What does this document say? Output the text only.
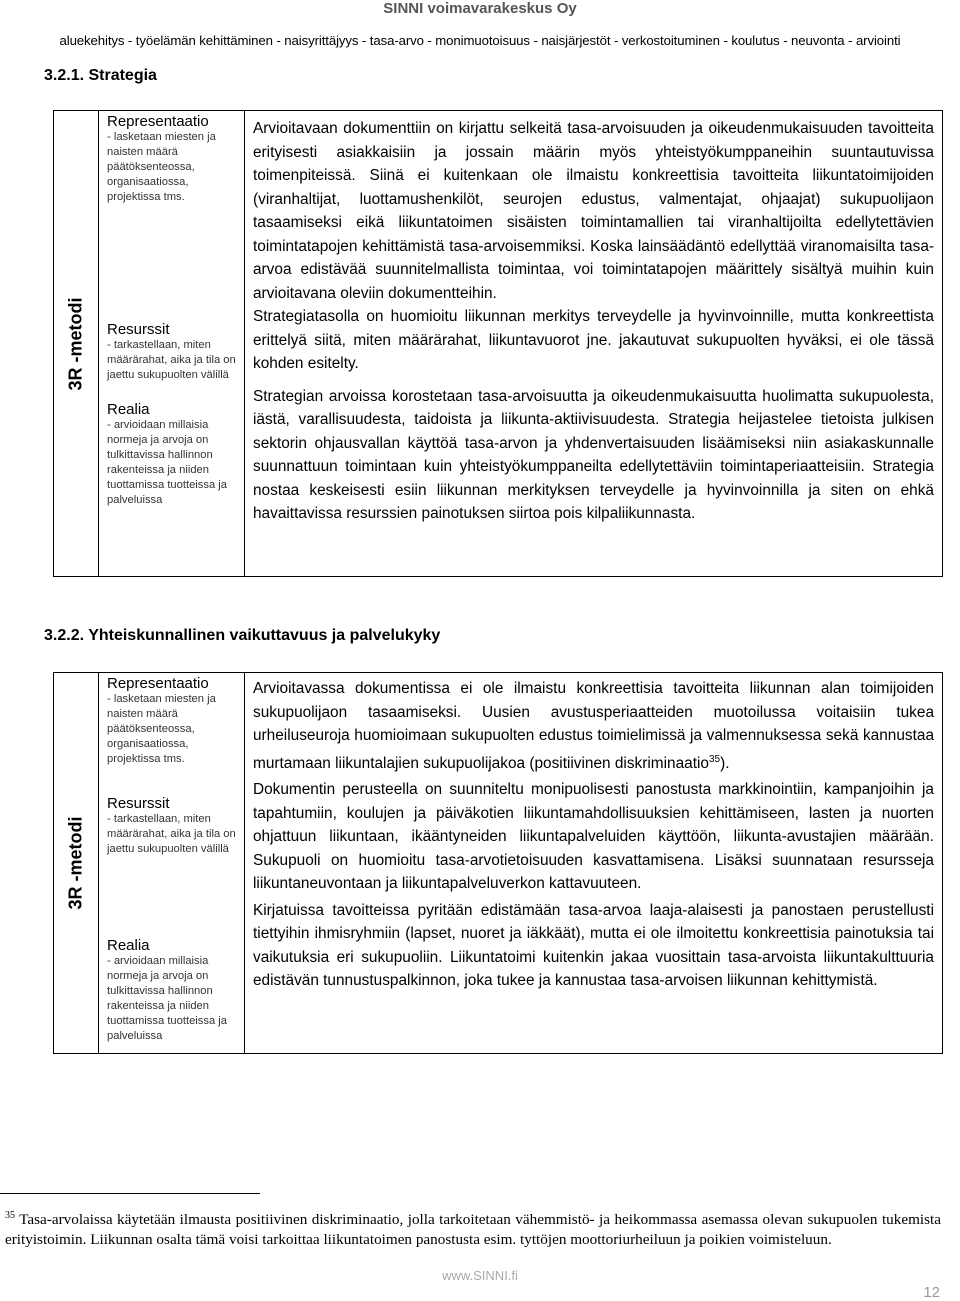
SINNI voimavarakeskus Oy
aluekehitys - työelämän kehittäminen - naisyrittäjyys - tasa-arvo - monimuotoisuus - naisjärjestöt - verkostoituminen - koulutus - neuvonta - arviointi
3.2.1. Strategia
3R -metodi

Representaatio
- lasketaan miesten ja naisten määrä päätöksenteossa, organisaatiossa, projektissa tms.
Resurssit
- tarkastellaan, miten määrärahat, aika ja tila on jaettu sukupuolten välillä
Realia
- arvioidaan millaisia normeja ja arvoja on tulkittavissa hallinnon rakenteissa ja niiden tuottamissa tuotteissa ja palveluissa

Arvioitavaan dokumenttiin on kirjattu selkeitä tasa-arvoisuuden ja oikeudenmukaisuuden tavoitteita erityisesti asiakkaisiin ja jossain määrin myös yhteistyökumppaneihin suuntautuvissa toimenpiteissä. Siinä ei kuitenkaan ole ilmaistu konkreettisia tavoitteita liikuntatoimijoiden (viranhaltijat, luottamushenkilöt, seurojen edustus, valmentajat, ohjaajat) sukupuolijaon tasaamiseksi eikä liikuntatoimen sisäisten toimintamallien tai viranhaltijoilta edellytettävien toimintatapojen kehittämistä tasa-arvoisemmiksi. Koska lainsäädäntö edellyttää viranomaisilta tasa-arvoa edistävää suunnitelmallista toimintaa, voi toimintatapojen määrittely sisältyä muihin kuin arvioitavana oleviin dokumentteihin.

Strategiatasolla on huomioitu liikunnan merkitys terveydelle ja hyvinvoinnille, mutta konkreettista erittelyä siitä, miten määrärahat, liikuntavuorot jne. jakautuvat sukupuolten hyväksi, ei ole tässä kohden esitelty.

Strategian arvoissa korostetaan tasa-arvoisuutta ja oikeudenmukaisuutta huolimatta sukupuolesta, iästä, varallisuudesta, taidoista ja liikunta-aktiivisuudesta. Strategia heijastelee tietoista julkisen sektorin ohjausvallan käyttöä tasa-arvon ja yhdenvertaisuuden lisäämiseksi niin asiakaskunnalle suunnattuun toimintaan kuin yhteistyökumppaneilta edellytettäviin toimintaperiaatteisiin. Strategia nostaa keskeisesti esiin liikunnan merkityksen terveydelle ja hyvinvoinnilla ja siten on ehkä havaittavissa resurssien painotuksen siirtoa pois kilpaliikunnasta.

3.2.2. Yhteiskunnallinen vaikuttavuus ja palvelukyky
3R -metodi

Representaatio
- lasketaan miesten ja naisten määrä päätöksenteossa, organisaatiossa, projektissa tms.
Resurssit
- tarkastellaan, miten määrärahat, aika ja tila on jaettu sukupuolten välillä
Realia
- arvioidaan millaisia normeja ja arvoja on tulkittavissa hallinnon rakenteissa ja niiden tuottamissa tuotteissa ja palveluissa

Arvioitavassa dokumentissa ei ole ilmaistu konkreettisia tavoitteita liikunnan alan toimijoiden sukupuolijaon tasaamiseksi. Uusien avustusperiaatteiden muotoilussa voitaisiin tukea urheiluseuroja huomioimaan sukupuolten edustus toimielimissä ja valmennuksessa sekä kannustaa murtamaan liikuntalajien sukupuolijakoa (positiivinen diskriminaatio$^{35}$).

Dokumentin perusteella on suunniteltu monipuolisesti panostusta markkinointiin, kampanjoihin ja tapahtumiin, koulujen ja päiväkotien liikuntamahdollisuuksien kehittämiseen, lasten ja nuorten ohjattuun liikuntaan, ikääntyneiden liikuntapalveluiden käyttöön, liikunta-avustajien määrään. Sukupuoli on huomioitu tasa-arvotietoisuuden kasvattamisena. Lisäksi suunnataan resursseja liikuntaneuvontaan ja liikuntapalveluverkon kattavuuteen.

Kirjatuissa tavoitteissa pyritään edistämään tasa-arvoa laaja-alaisesti ja panostaen perustellusti tiettyihin ihmisryhmiin (lapset, nuoret ja iäkkäät), mutta ei ole ilmoitettu konkreettisia painotuksia tai vaikutuksia eri sukupuoliin. Liikuntatoimi kuitenkin jakaa vuosittain tasa-arvoista liikuntakulttuuria edistävän tunnustuspalkinnon, joka tukee ja kannustaa tasa-arvoisen liikunnan kehittymistä.

$^{35}$ Tasa-arvolaissa käytetään ilmausta positiivinen diskriminaatio, jolla tarkoitetaan vähemmistö- ja heikommassa asemassa olevan sukupuolen tukemista erityistoimin. Liikunnan osalta tämä voisi tarkoittaa liikuntatoimen panostusta esim. tyttöjen moottoriurheiluun ja poikien voimisteluun.
www.SINNI.fi
12
